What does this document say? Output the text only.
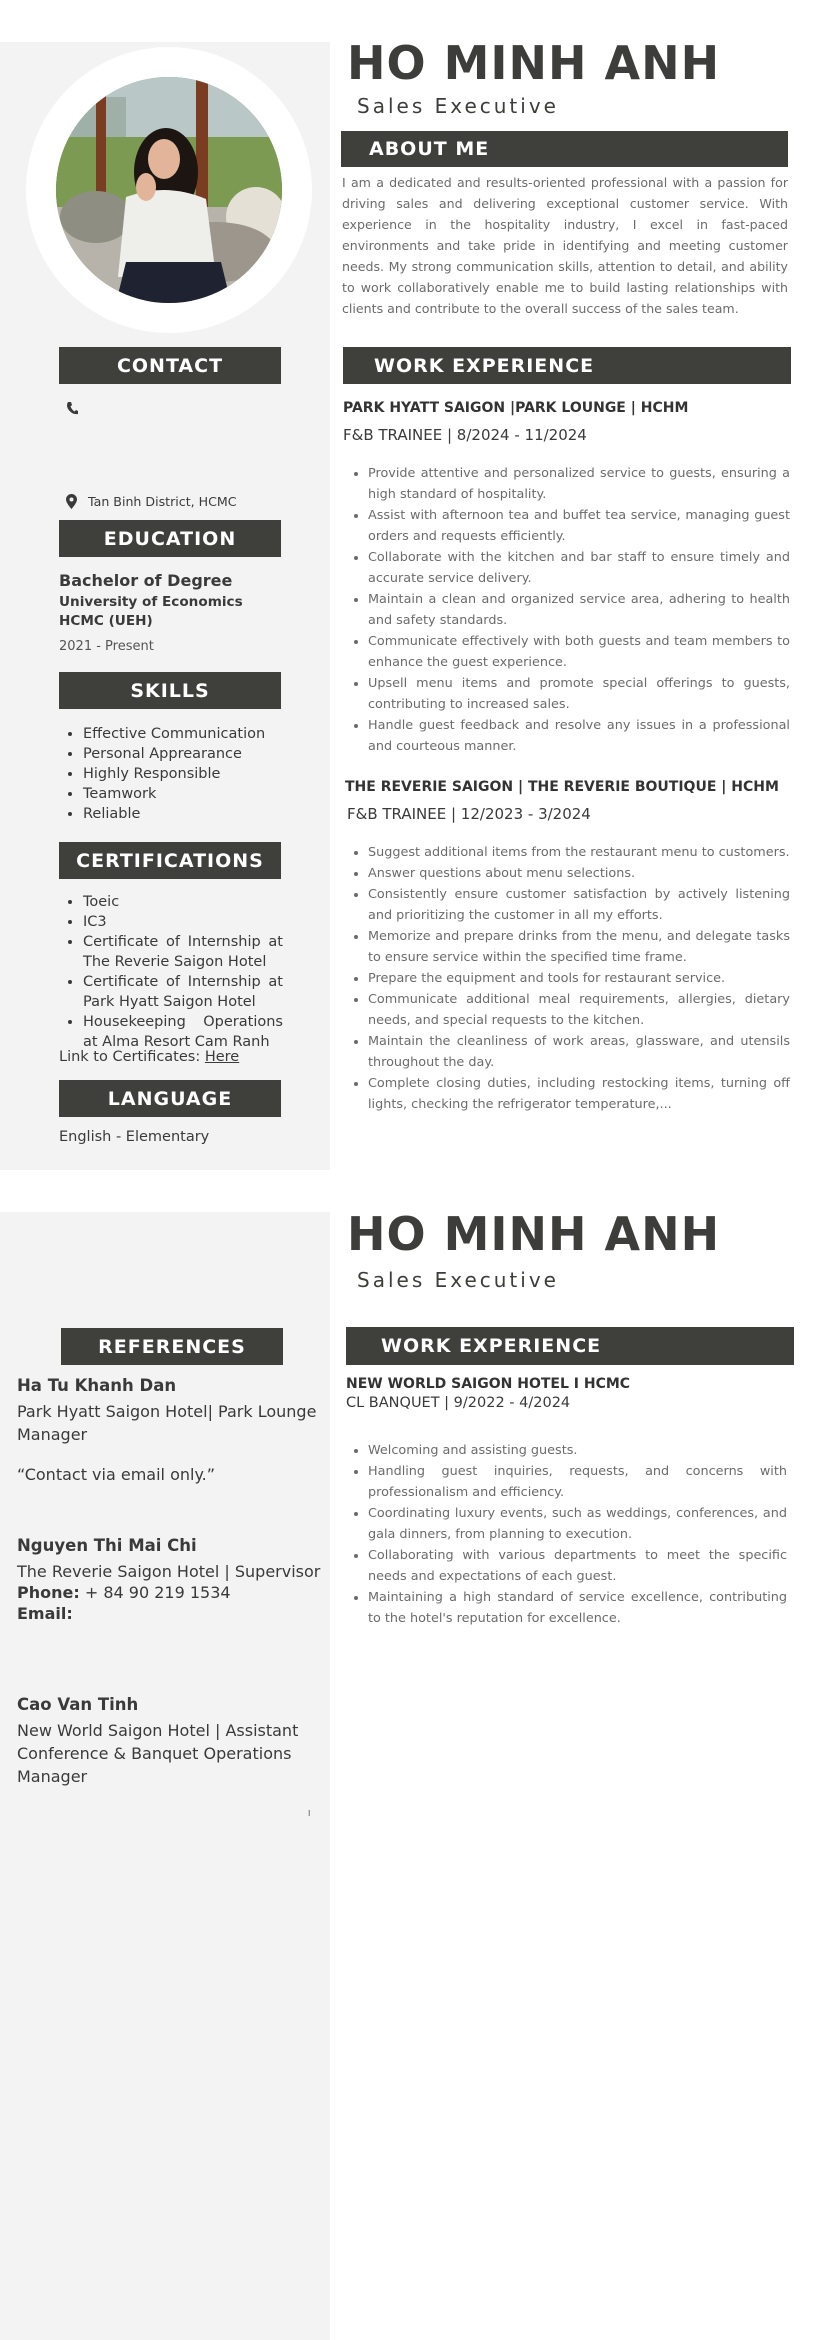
HO MINH ANH
Sales Executive
ABOUT ME
I am a dedicated and results-oriented professional with a passion for driving sales and delivering exceptional customer service. With experience in the hospitality industry, I excel in fast-paced environments and take pride in identifying and meeting customer needs. My strong communication skills, attention to detail, and ability to work collaboratively enable me to build lasting relationships with clients and contribute to the overall success of the sales team.
CONTACT
Tan Binh District, HCMC
EDUCATION
Bachelor of Degree
University of Economics HCMC (UEH)
2021 - Present
SKILLS
• Effective Communication
• Personal Apprearance
• Highly Responsible
• Teamwork
• Reliable
CERTIFICATIONS
• Toeic
• IC3
• Certificate of Internship at The Reverie Saigon Hotel
• Certificate of Internship at Park Hyatt Saigon Hotel
• Housekeeping Operations at Alma Resort Cam Ranh
Link to Certificates: Here
LANGUAGE
English - Elementary
WORK EXPERIENCE
PARK HYATT SAIGON |PARK LOUNGE | HCHM
F&B TRAINEE | 8/2024 - 11/2024
• Provide attentive and personalized service to guests, ensuring a high standard of hospitality.
• Assist with afternoon tea and buffet tea service, managing guest orders and requests efficiently.
• Collaborate with the kitchen and bar staff to ensure timely and accurate service delivery.
• Maintain a clean and organized service area, adhering to health and safety standards.
• Communicate effectively with both guests and team members to enhance the guest experience.
• Upsell menu items and promote special offerings to guests, contributing to increased sales.
• Handle guest feedback and resolve any issues in a professional and courteous manner.
THE REVERIE SAIGON | THE REVERIE BOUTIQUE | HCHM
F&B TRAINEE | 12/2023 - 3/2024
• Suggest additional items from the restaurant menu to customers.
• Answer questions about menu selections.
• Consistently ensure customer satisfaction by actively listening and prioritizing the customer in all my efforts.
• Memorize and prepare drinks from the menu, and delegate tasks to ensure service within the specified time frame.
• Prepare the equipment and tools for restaurant service.
• Communicate additional meal requirements, allergies, dietary needs, and special requests to the kitchen.
• Maintain the cleanliness of work areas, glassware, and utensils throughout the day.
• Complete closing duties, including restocking items, turning off lights, checking the refrigerator temperature,...
HO MINH ANH
Sales Executive
REFERENCES
Ha Tu Khanh Dan
Park Hyatt Saigon Hotel| Park Lounge Manager
“Contact via email only.”
Nguyen Thi Mai Chi
The Reverie Saigon Hotel | Supervisor
Phone: + 84 90 219 1534
Email:
Cao Van Tinh
New World Saigon Hotel | Assistant Conference & Banquet Operations Manager
I
WORK EXPERIENCE
NEW WORLD SAIGON HOTEL I HCMC
CL BANQUET | 9/2022 - 4/2024
• Welcoming and assisting guests.
• Handling guest inquiries, requests, and concerns with professionalism and efficiency.
• Coordinating luxury events, such as weddings, conferences, and gala dinners, from planning to execution.
• Collaborating with various departments to meet the specific needs and expectations of each guest.
• Maintaining a high standard of service excellence, contributing to the hotel's reputation for excellence.
